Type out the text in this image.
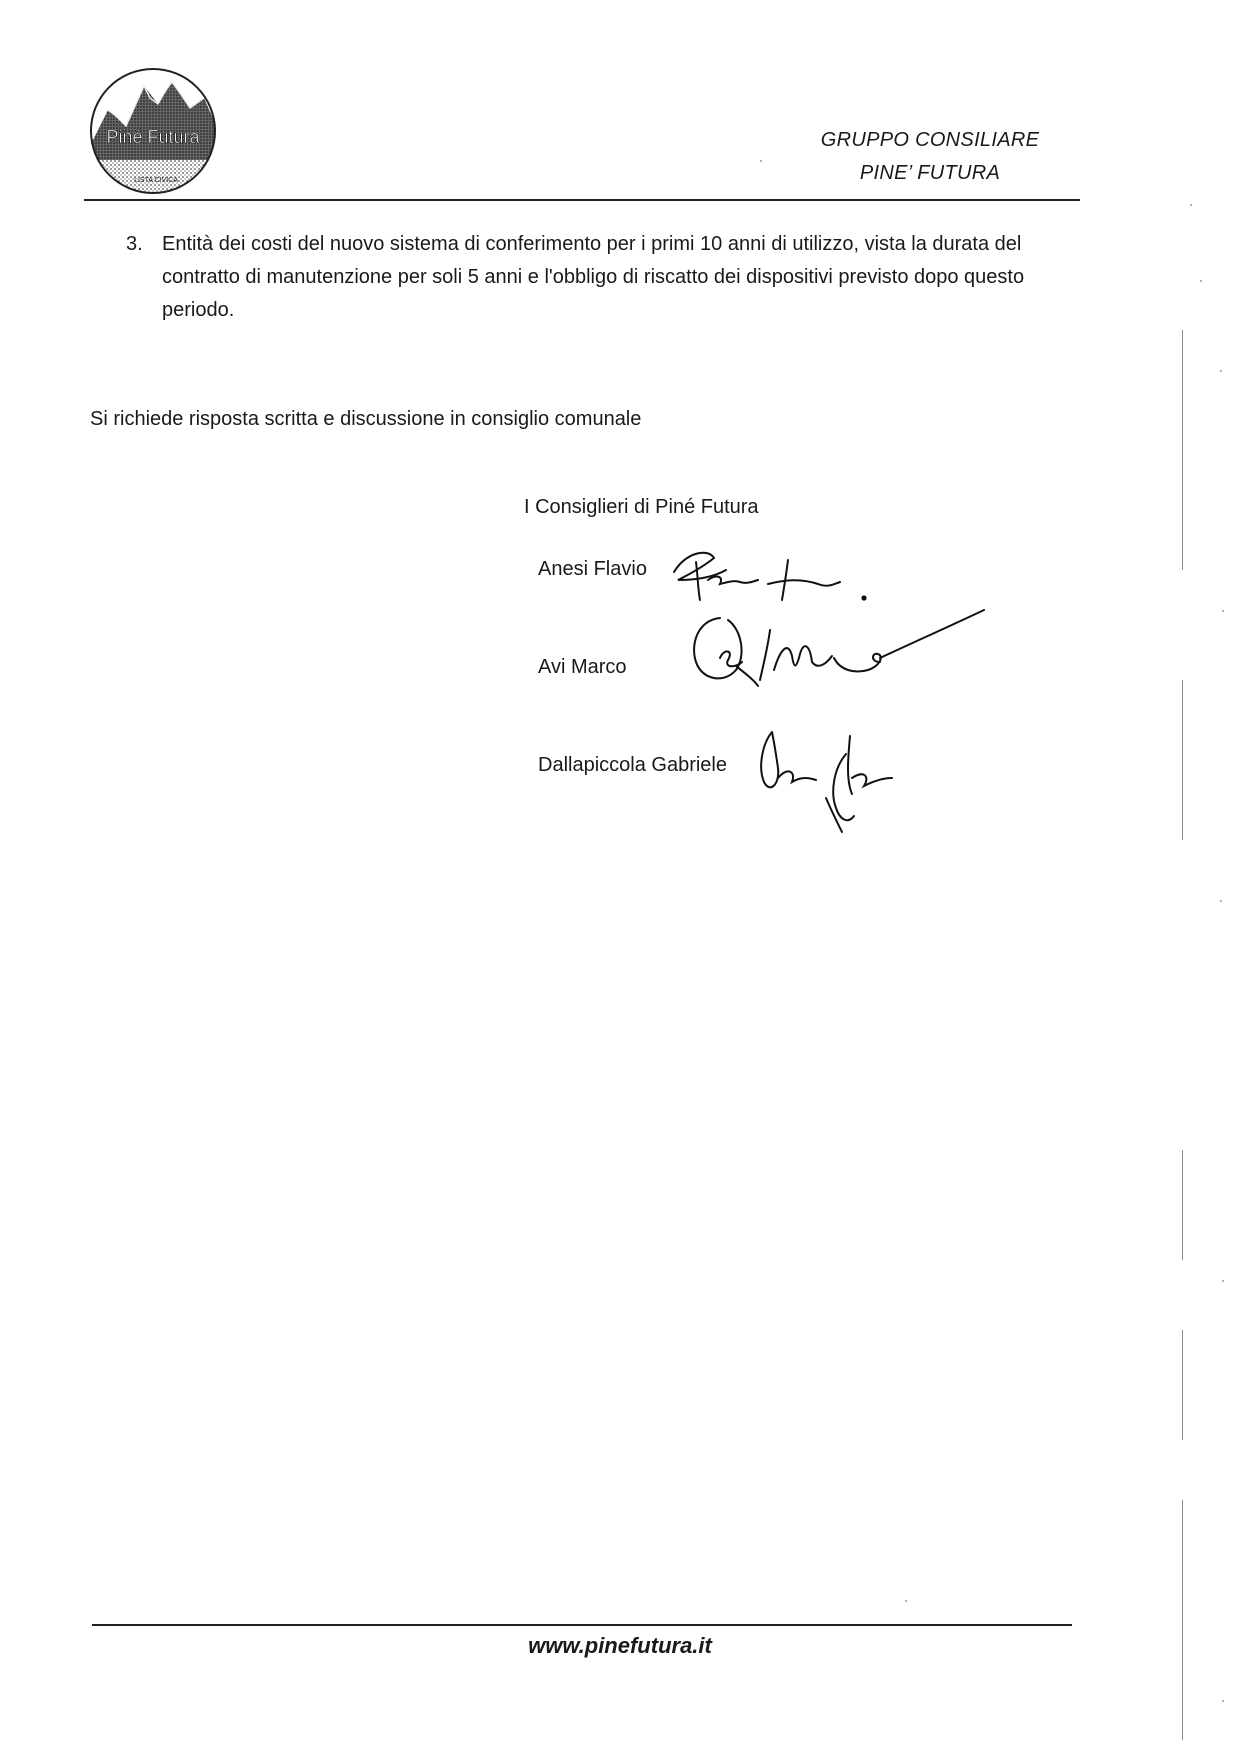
Piné Futura
LISTA CIVICA
GRUPPO CONSILIARE
PINE’ FUTURA
3. Entità dei costi del nuovo sistema di conferimento per i primi 10 anni di utilizzo, vista la durata del contratto di manutenzione per soli 5 anni e l'obbligo di riscatto dei dispositivi previsto dopo questo periodo.
Si richiede risposta scritta e discussione in consiglio comunale
I Consiglieri di Piné Futura
Anesi Flavio
Avi Marco
Dallapiccola Gabriele
www.pinefutura.it
